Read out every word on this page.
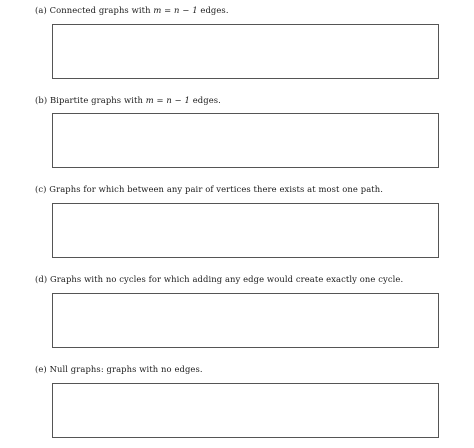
(a) Connected graphs with m = n − 1 edges.
(b) Bipartite graphs with m = n − 1 edges.
(c) Graphs for which between any pair of vertices there exists at most one path.
(d) Graphs with no cycles for which adding any edge would create exactly one cycle.
(e) Null graphs: graphs with no edges.
